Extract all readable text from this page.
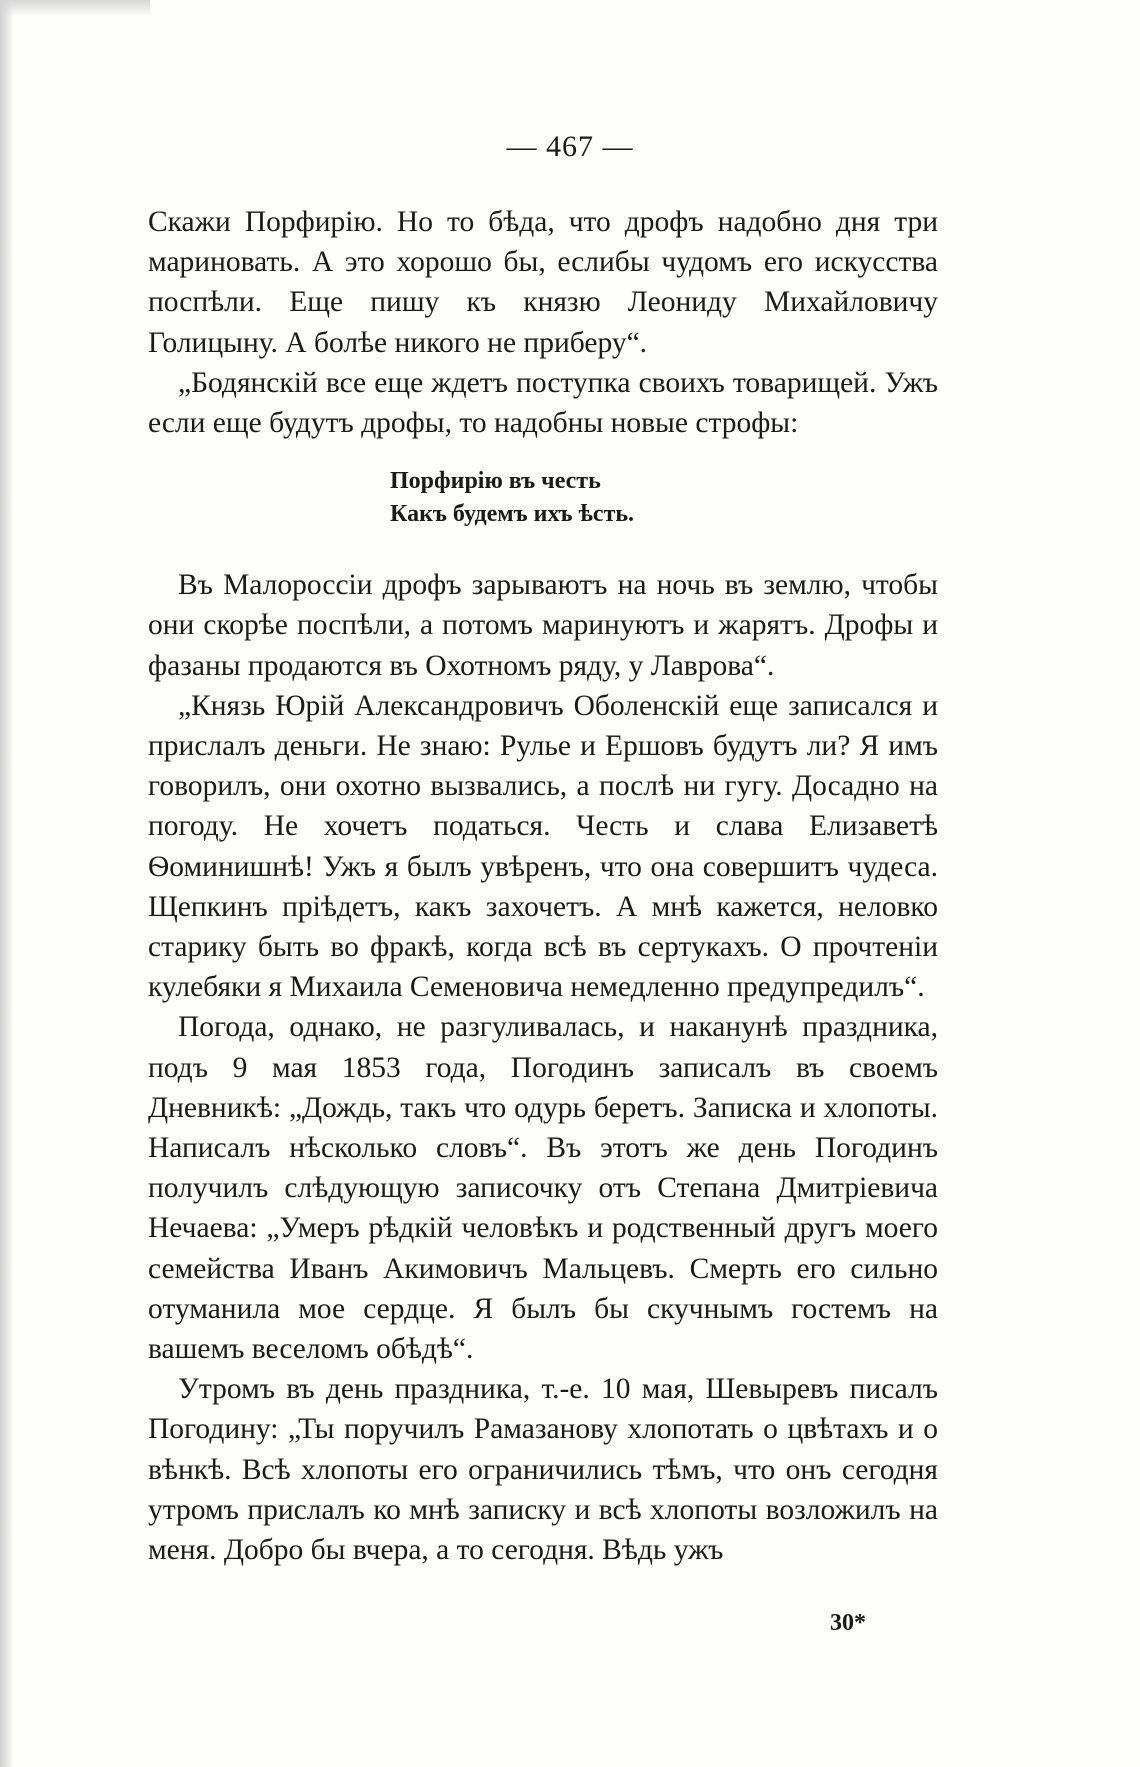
— 467 —

Скажи Порфирію. Но то бѣда, что дрофъ надобно дня три мариновать. А это хорошо бы, еслибы чудомъ его искусства поспѣли. Еще пишу къ князю Леониду Михайловичу Голицыну. А болѣе никого не приберу“.

„Бодянскій все еще ждетъ поступка своихъ товарищей. Ужъ если еще будутъ дрофы, то надобны новые строфы:

Порфирію въ честь
Какъ будемъ ихъ ѣсть.

Въ Малороссіи дрофъ зарываютъ на ночь въ землю, чтобы они скорѣе поспѣли, а потомъ маринуютъ и жарятъ. Дрофы и фазаны продаются въ Охотномъ ряду, у Лаврова“.

„Князь Юрій Александровичъ Оболенскій еще записался и прислалъ деньги. Не знаю: Рулье и Ершовъ будутъ ли? Я имъ говорилъ, они охотно вызвались, а послѣ ни гугу. Досадно на погоду. Не хочетъ податься. Честь и слава Елизаветѣ Ѳоминишнѣ! Ужъ я былъ увѣренъ, что она совершитъ чудеса. Щепкинъ пріѣдетъ, какъ захочетъ. А мнѣ кажется, неловко старику быть во фракѣ, когда всѣ въ сертукахъ. О прочтеніи кулебяки я Михаила Семеновича немедленно предупредилъ“.

Погода, однако, не разгуливалась, и наканунѣ праздника, подъ 9 мая 1853 года, Погодинъ записалъ въ своемъ Дневникѣ: „Дождь, такъ что одурь беретъ. Записка и хлопоты. Написалъ нѣсколько словъ“. Въ этотъ же день Погодинъ получилъ слѣдующую записочку отъ Степана Дмитріевича Нечаева: „Умеръ рѣдкій человѣкъ и родственный другъ моего семейства Иванъ Акимовичъ Мальцевъ. Смерть его сильно отуманила мое сердце. Я былъ бы скучнымъ гостемъ на вашемъ веселомъ обѣдѣ“.

Утромъ въ день праздника, т.-е. 10 мая, Шевыревъ писалъ Погодину: „Ты поручилъ Рамазанову хлопотать о цвѣтахъ и о вѣнкѣ. Всѣ хлопоты его ограничились тѣмъ, что онъ сегодня утромъ прислалъ ко мнѣ записку и всѣ хлопоты возложилъ на меня. Добро бы вчера, а то сегодня. Вѣдь ужъ

30*
